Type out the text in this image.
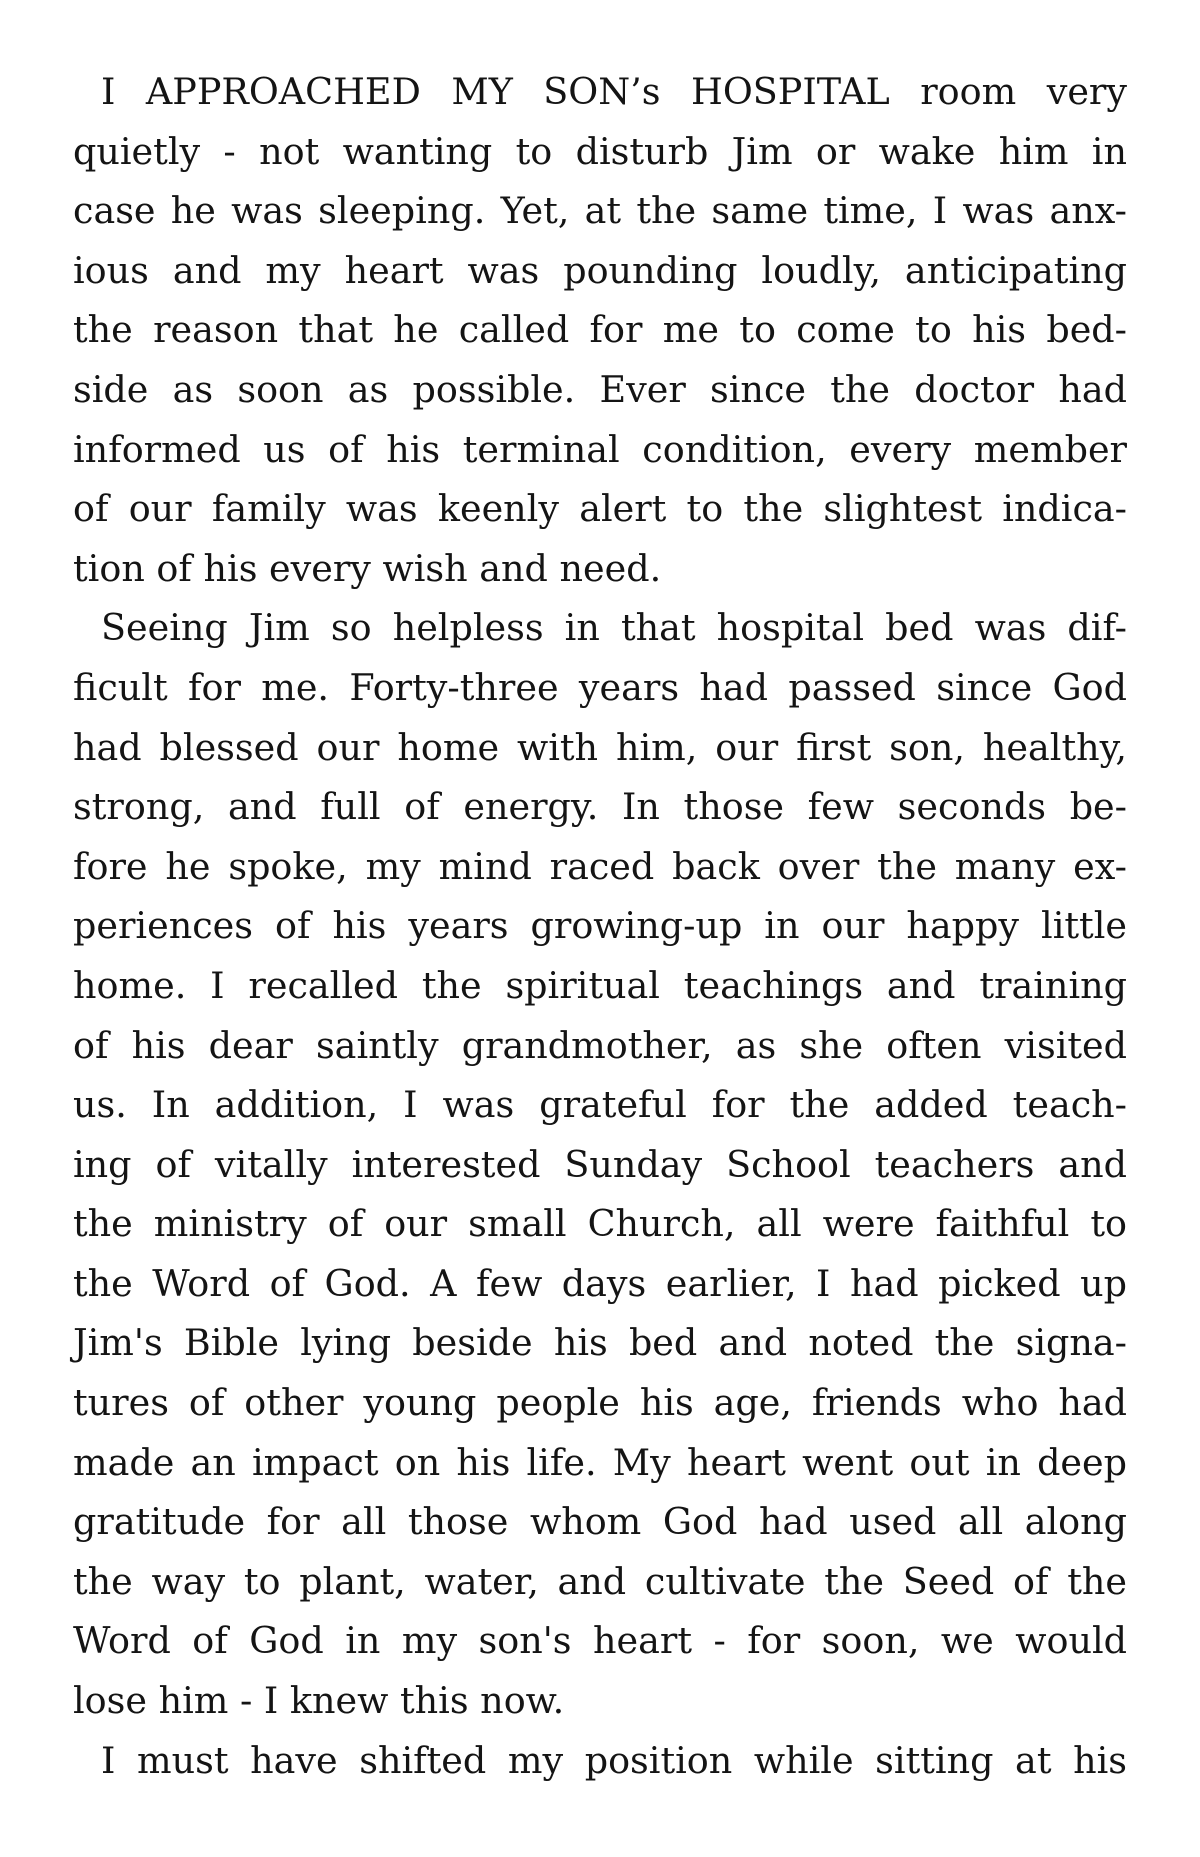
I APPROACHED MY SON’s HOSPITAL room very
quietly - not wanting to disturb Jim or wake him in
case he was sleeping. Yet, at the same time, I was anx-
ious and my heart was pounding loudly, anticipating
the reason that he called for me to come to his bed-
side as soon as possible. Ever since the doctor had
informed us of his terminal condition, every member
of our family was keenly alert to the slightest indica-
tion of his every wish and need.
Seeing Jim so helpless in that hospital bed was dif-
ficult for me. Forty-three years had passed since God
had blessed our home with him, our first son, healthy,
strong, and full of energy. In those few seconds be-
fore he spoke, my mind raced back over the many ex-
periences of his years growing-up in our happy little
home. I recalled the spiritual teachings and training
of his dear saintly grandmother, as she often visited
us. In addition, I was grateful for the added teach-
ing of vitally interested Sunday School teachers and
the ministry of our small Church, all were faithful to
the Word of God. A few days earlier, I had picked up
Jim's Bible lying beside his bed and noted the signa-
tures of other young people his age, friends who had
made an impact on his life. My heart went out in deep
gratitude for all those whom God had used all along
the way to plant, water, and cultivate the Seed of the
Word of God in my son's heart - for soon, we would
lose him - I knew this now.
I must have shifted my position while sitting at his
